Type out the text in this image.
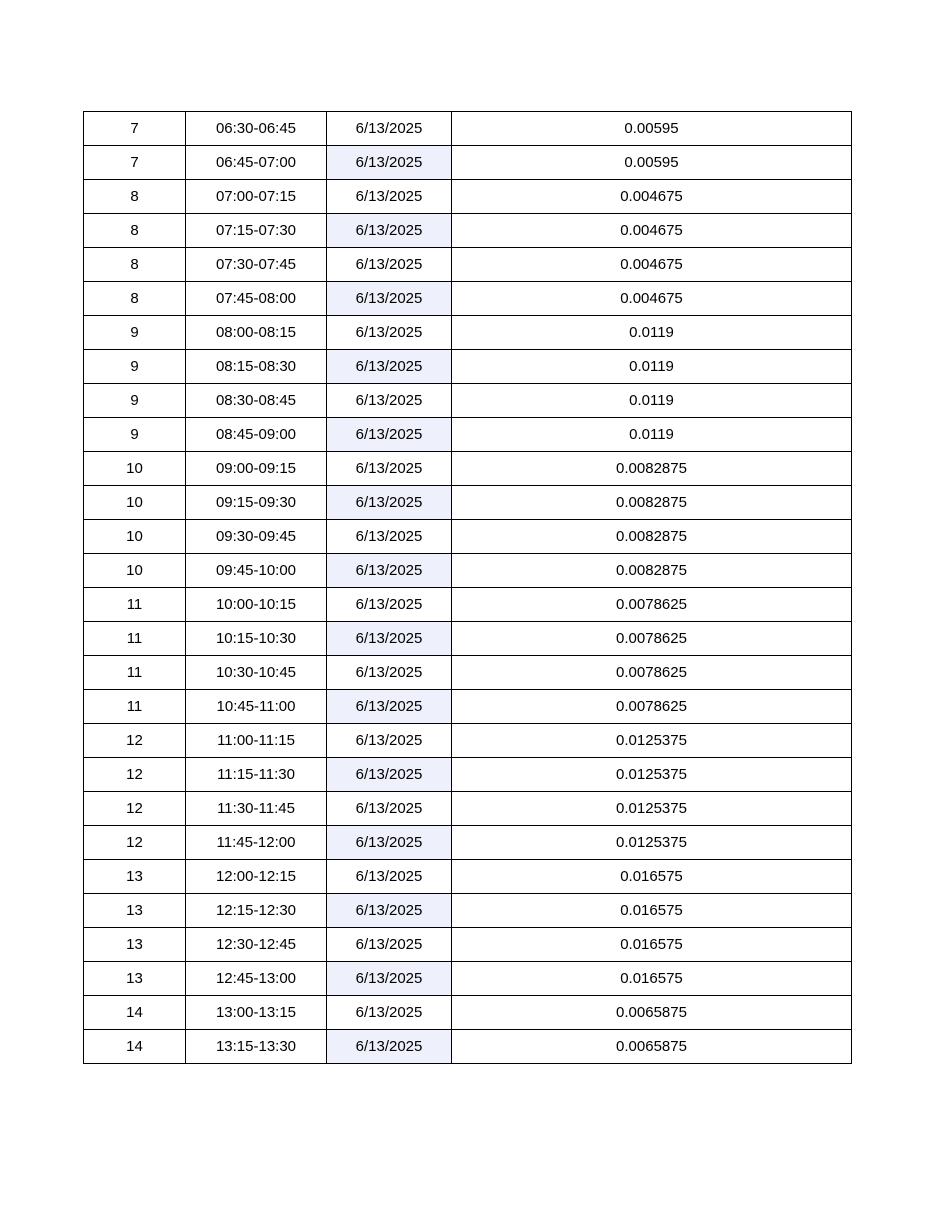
7	06:30-06:45	6/13/2025	0.00595
7	06:45-07:00	6/13/2025	0.00595
8	07:00-07:15	6/13/2025	0.004675
8	07:15-07:30	6/13/2025	0.004675
8	07:30-07:45	6/13/2025	0.004675
8	07:45-08:00	6/13/2025	0.004675
9	08:00-08:15	6/13/2025	0.0119
9	08:15-08:30	6/13/2025	0.0119
9	08:30-08:45	6/13/2025	0.0119
9	08:45-09:00	6/13/2025	0.0119
10	09:00-09:15	6/13/2025	0.0082875
10	09:15-09:30	6/13/2025	0.0082875
10	09:30-09:45	6/13/2025	0.0082875
10	09:45-10:00	6/13/2025	0.0082875
11	10:00-10:15	6/13/2025	0.0078625
11	10:15-10:30	6/13/2025	0.0078625
11	10:30-10:45	6/13/2025	0.0078625
11	10:45-11:00	6/13/2025	0.0078625
12	11:00-11:15	6/13/2025	0.0125375
12	11:15-11:30	6/13/2025	0.0125375
12	11:30-11:45	6/13/2025	0.0125375
12	11:45-12:00	6/13/2025	0.0125375
13	12:00-12:15	6/13/2025	0.016575
13	12:15-12:30	6/13/2025	0.016575
13	12:30-12:45	6/13/2025	0.016575
13	12:45-13:00	6/13/2025	0.016575
14	13:00-13:15	6/13/2025	0.0065875
14	13:15-13:30	6/13/2025	0.0065875
